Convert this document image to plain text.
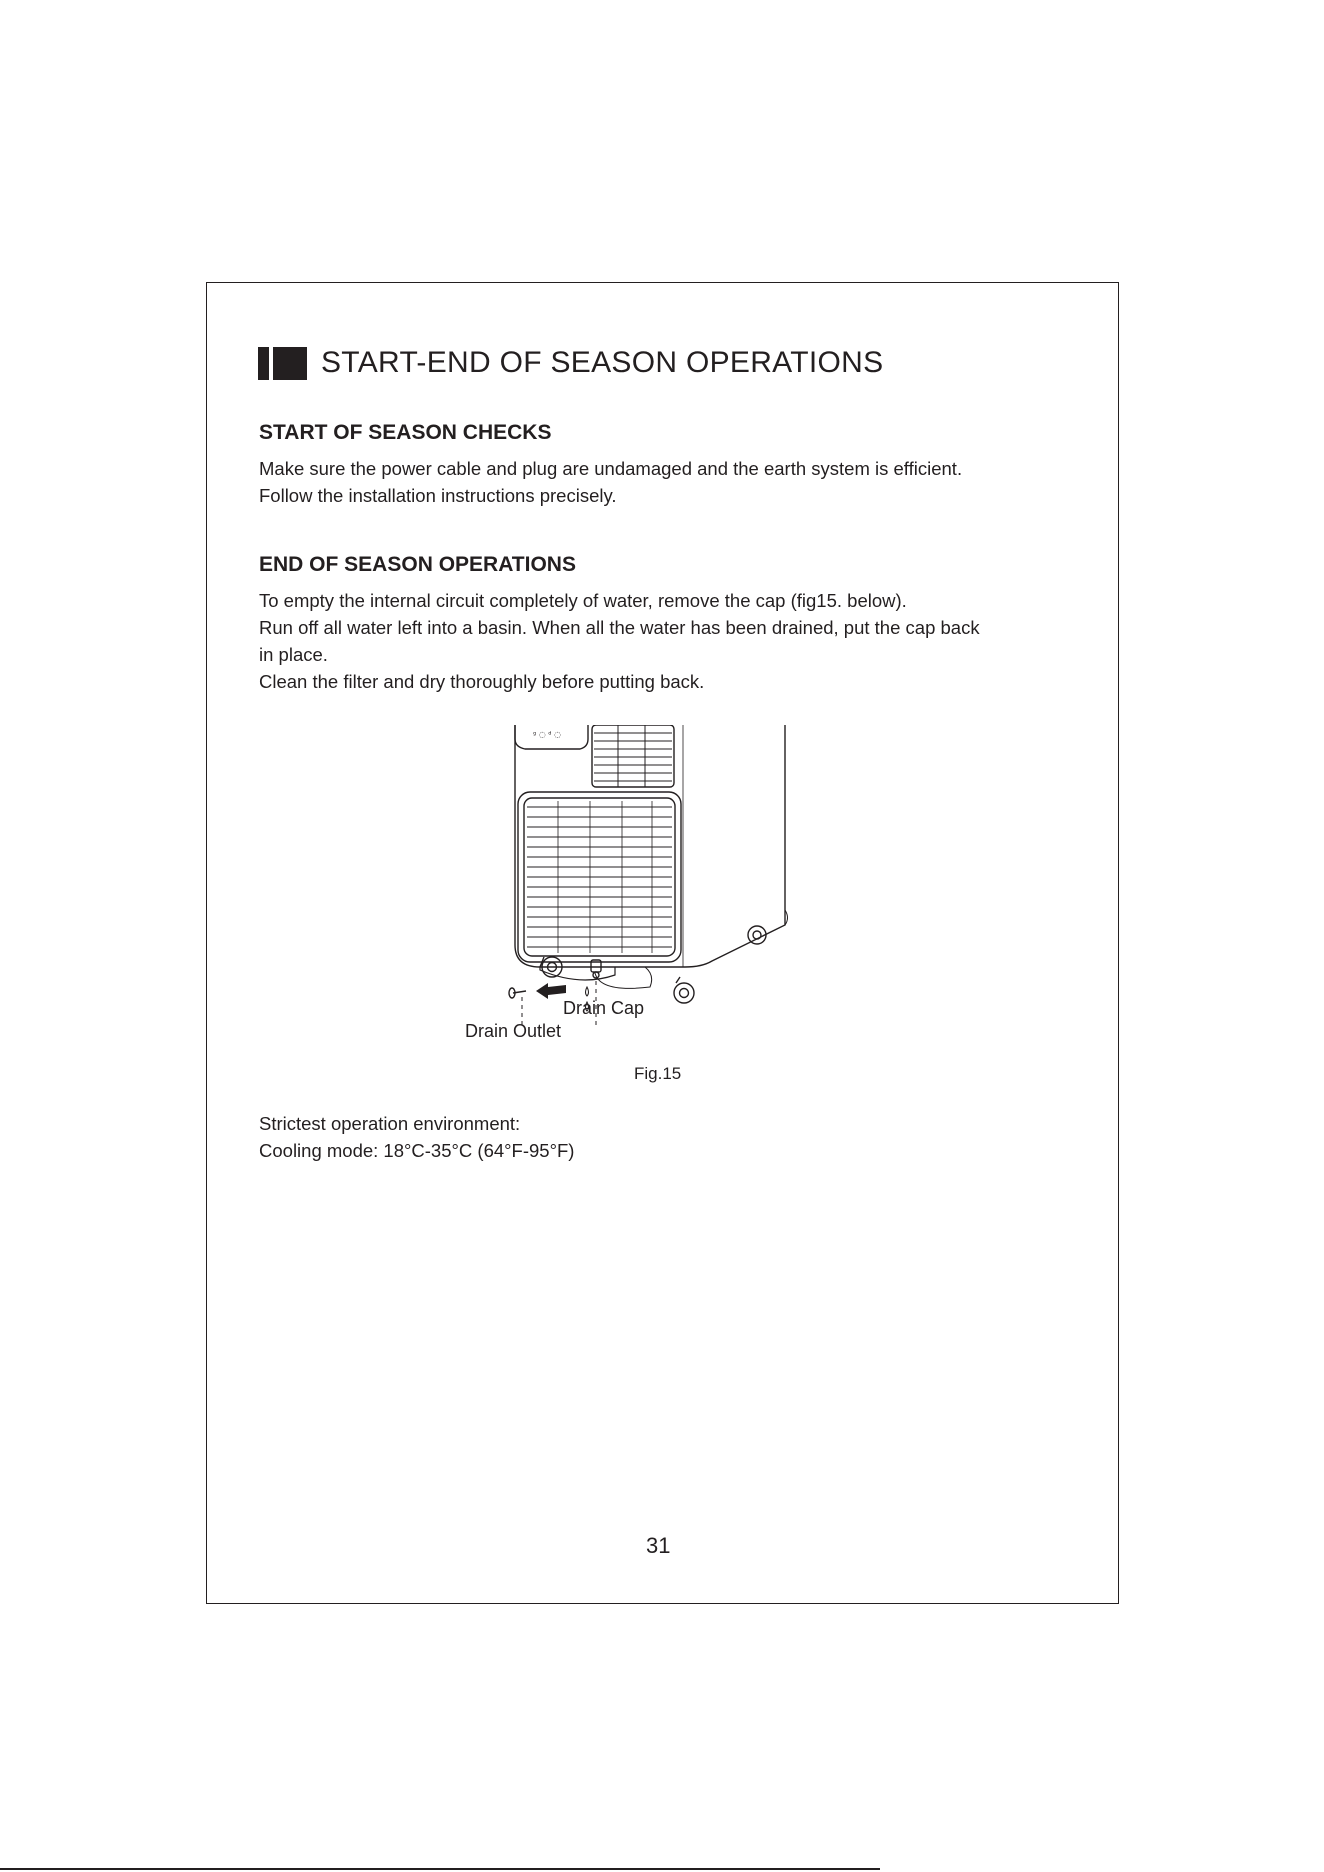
START-END OF SEASON OPERATIONS
START OF SEASON CHECKS

Make sure the power cable and plug are undamaged and the earth system is efficient.

Follow the installation instructions precisely.

END OF SEASON OPERATIONS

To empty the internal circuit completely of water, remove the cap (fig15. below).

Run off all water left into a basin. When all the water has been drained, put the cap back

in place.

Clean the filter and dry thoroughly before putting back.

ᵍ ◌ ᵈ ◌
Drain Cap
Drain Outlet
Fig.15

Strictest operation environment:

Cooling mode: 18°C-35°C (64°F-95°F)

31
